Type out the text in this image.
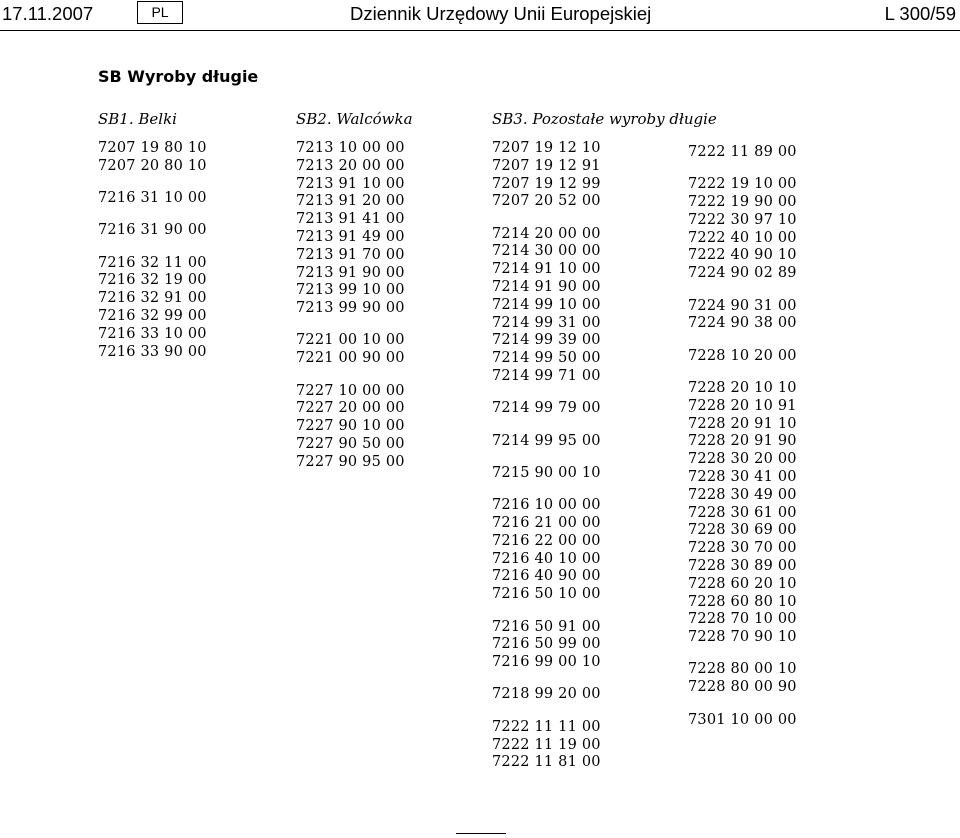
17.11.2007	PL	Dziennik Urzędowy Unii Europejskiej	L 300/59
SB Wyroby długie
SB1. Belki
7207 19 80 10
7207 20 80 10
7216 31 10 00
7216 31 90 00
7216 32 11 00
7216 32 19 00
7216 32 91 00
7216 32 99 00
7216 33 10 00
7216 33 90 00
SB2. Walcówka
7213 10 00 00
7213 20 00 00
7213 91 10 00
7213 91 20 00
7213 91 41 00
7213 91 49 00
7213 91 70 00
7213 91 90 00
7213 99 10 00
7213 99 90 00
7221 00 10 00
7221 00 90 00
7227 10 00 00
7227 20 00 00
7227 90 10 00
7227 90 50 00
7227 90 95 00
SB3. Pozostałe wyroby długie
7207 19 12 10
7207 19 12 91
7207 19 12 99
7207 20 52 00
7214 20 00 00
7214 30 00 00
7214 91 10 00
7214 91 90 00
7214 99 10 00
7214 99 31 00
7214 99 39 00
7214 99 50 00
7214 99 71 00
7214 99 79 00
7214 99 95 00
7215 90 00 10
7216 10 00 00
7216 21 00 00
7216 22 00 00
7216 40 10 00
7216 40 90 00
7216 50 10 00
7216 50 91 00
7216 50 99 00
7216 99 00 10
7218 99 20 00
7222 11 11 00
7222 11 19 00
7222 11 81 00
7222 11 89 00
7222 19 10 00
7222 19 90 00
7222 30 97 10
7222 40 10 00
7222 40 90 10
7224 90 02 89
7224 90 31 00
7224 90 38 00
7228 10 20 00
7228 20 10 10
7228 20 10 91
7228 20 91 10
7228 20 91 90
7228 30 20 00
7228 30 41 00
7228 30 49 00
7228 30 61 00
7228 30 69 00
7228 30 70 00
7228 30 89 00
7228 60 20 10
7228 60 80 10
7228 70 10 00
7228 70 90 10
7228 80 00 10
7228 80 00 90
7301 10 00 00
